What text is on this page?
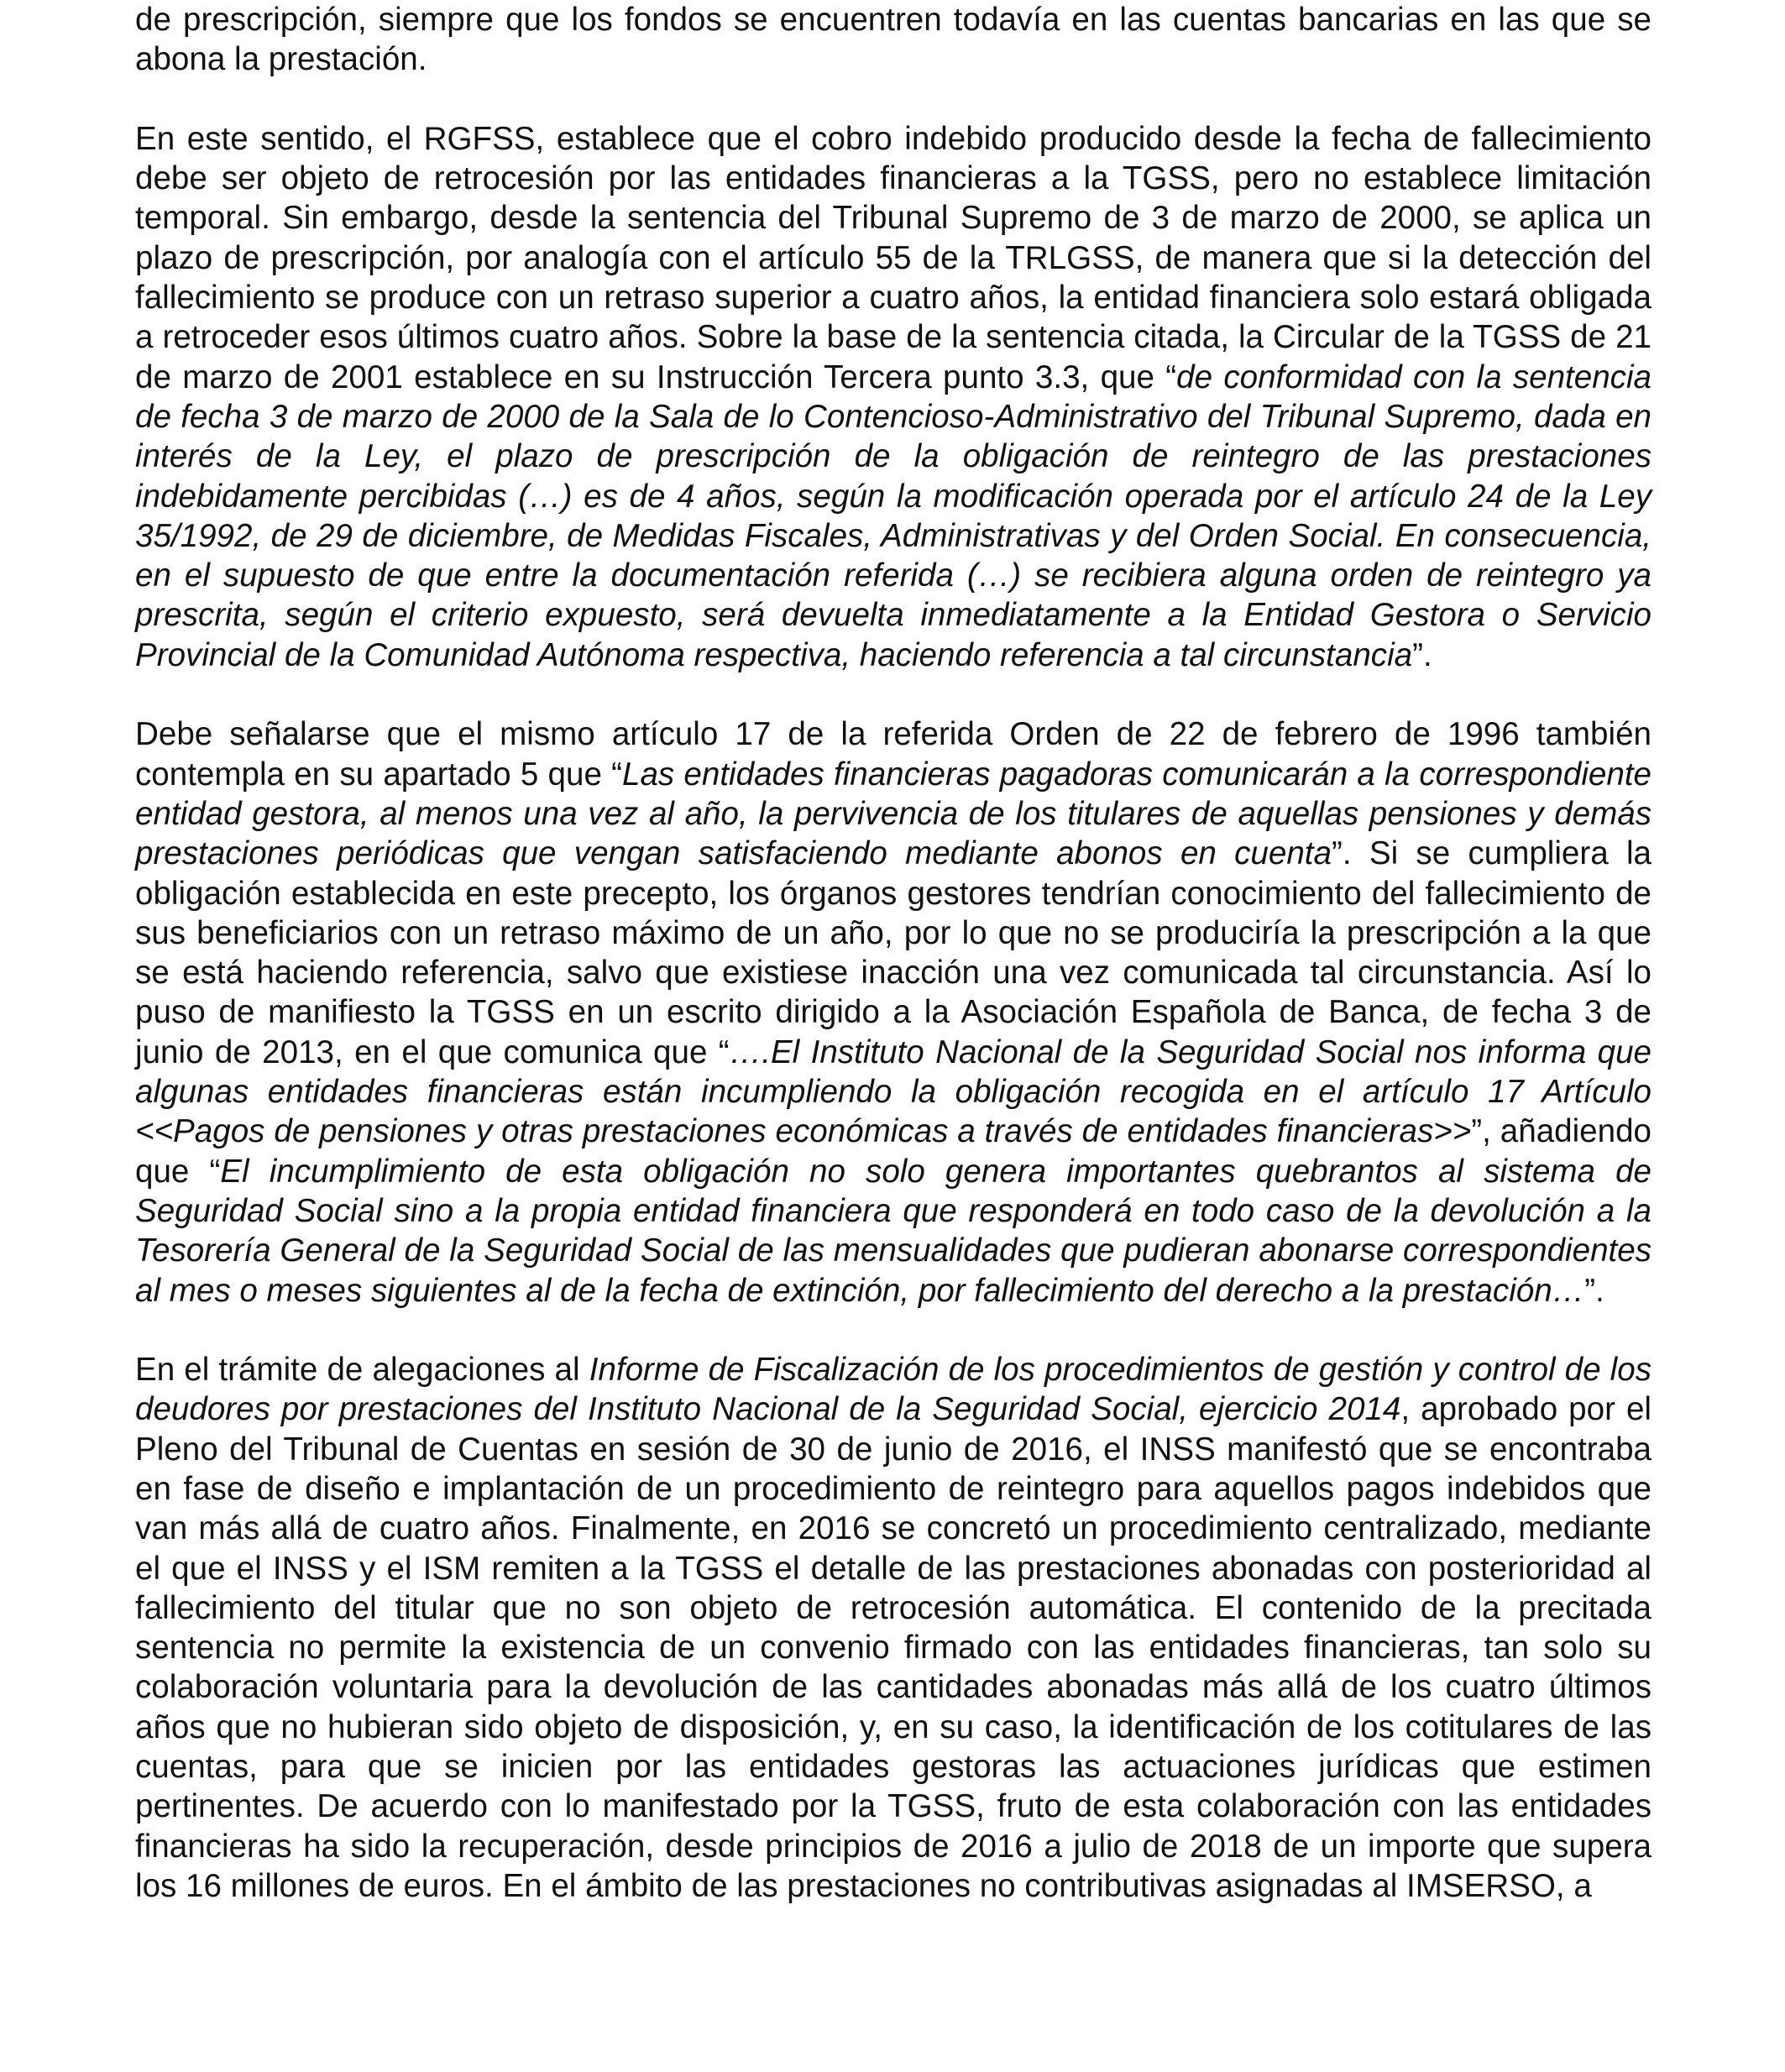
de prescripción, siempre que los fondos se encuentren todavía en las cuentas bancarias en las que se abona la prestación.

En este sentido, el RGFSS, establece que el cobro indebido producido desde la fecha de fallecimiento debe ser objeto de retrocesión por las entidades financieras a la TGSS, pero no establece limitación temporal. Sin embargo, desde la sentencia del Tribunal Supremo de 3 de marzo de 2000, se aplica un plazo de prescripción, por analogía con el artículo 55 de la TRLGSS, de manera que si la detección del fallecimiento se produce con un retraso superior a cuatro años, la entidad financiera solo estará obligada a retroceder esos últimos cuatro años. Sobre la base de la sentencia citada, la Circular de la TGSS de 21 de marzo de 2001 establece en su Instrucción Tercera punto 3.3, que “de conformidad con la sentencia de fecha 3 de marzo de 2000 de la Sala de lo Contencioso-Administrativo del Tribunal Supremo, dada en interés de la Ley, el plazo de prescripción de la obligación de reintegro de las prestaciones indebidamente percibidas (…) es de 4 años, según la modificación operada por el artículo 24 de la Ley 35/1992, de 29 de diciembre, de Medidas Fiscales, Administrativas y del Orden Social. En consecuencia, en el supuesto de que entre la documentación referida (…) se recibiera alguna orden de reintegro ya prescrita, según el criterio expuesto, será devuelta inmediatamente a la Entidad Gestora o Servicio Provincial de la Comunidad Autónoma respectiva, haciendo referencia a tal circunstancia”.

Debe señalarse que el mismo artículo 17 de la referida Orden de 22 de febrero de 1996 también contempla en su apartado 5 que “Las entidades financieras pagadoras comunicarán a la correspondiente entidad gestora, al menos una vez al año, la pervivencia de los titulares de aquellas pensiones y demás prestaciones periódicas que vengan satisfaciendo mediante abonos en cuenta”. Si se cumpliera la obligación establecida en este precepto, los órganos gestores tendrían conocimiento del fallecimiento de sus beneficiarios con un retraso máximo de un año, por lo que no se produciría la prescripción a la que se está haciendo referencia, salvo que existiese inacción una vez comunicada tal circunstancia. Así lo puso de manifiesto la TGSS en un escrito dirigido a la Asociación Española de Banca, de fecha 3 de junio de 2013, en el que comunica que “….El Instituto Nacional de la Seguridad Social nos informa que algunas entidades financieras están incumpliendo la obligación recogida en el artículo 17 Artículo <<Pagos de pensiones y otras prestaciones económicas a través de entidades financieras>>”, añadiendo que “El incumplimiento de esta obligación no solo genera importantes quebrantos al sistema de Seguridad Social sino a la propia entidad financiera que responderá en todo caso de la devolución a la Tesorería General de la Seguridad Social de las mensualidades que pudieran abonarse correspondientes al mes o meses siguientes al de la fecha de extinción, por fallecimiento del derecho a la prestación…”.

En el trámite de alegaciones al Informe de Fiscalización de los procedimientos de gestión y control de los deudores por prestaciones del Instituto Nacional de la Seguridad Social, ejercicio 2014, aprobado por el Pleno del Tribunal de Cuentas en sesión de 30 de junio de 2016, el INSS manifestó que se encontraba en fase de diseño e implantación de un procedimiento de reintegro para aquellos pagos indebidos que van más allá de cuatro años. Finalmente, en 2016 se concretó un procedimiento centralizado, mediante el que el INSS y el ISM remiten a la TGSS el detalle de las prestaciones abonadas con posterioridad al fallecimiento del titular que no son objeto de retrocesión automática. El contenido de la precitada sentencia no permite la existencia de un convenio firmado con las entidades financieras, tan solo su colaboración voluntaria para la devolución de las cantidades abonadas más allá de los cuatro últimos años que no hubieran sido objeto de disposición, y, en su caso, la identificación de los cotitulares de las cuentas, para que se inicien por las entidades gestoras las actuaciones jurídicas que estimen pertinentes. De acuerdo con lo manifestado por la TGSS, fruto de esta colaboración con las entidades financieras ha sido la recuperación, desde principios de 2016 a julio de 2018 de un importe que supera los 16 millones de euros. En el ámbito de las prestaciones no contributivas asignadas al IMSERSO, a
